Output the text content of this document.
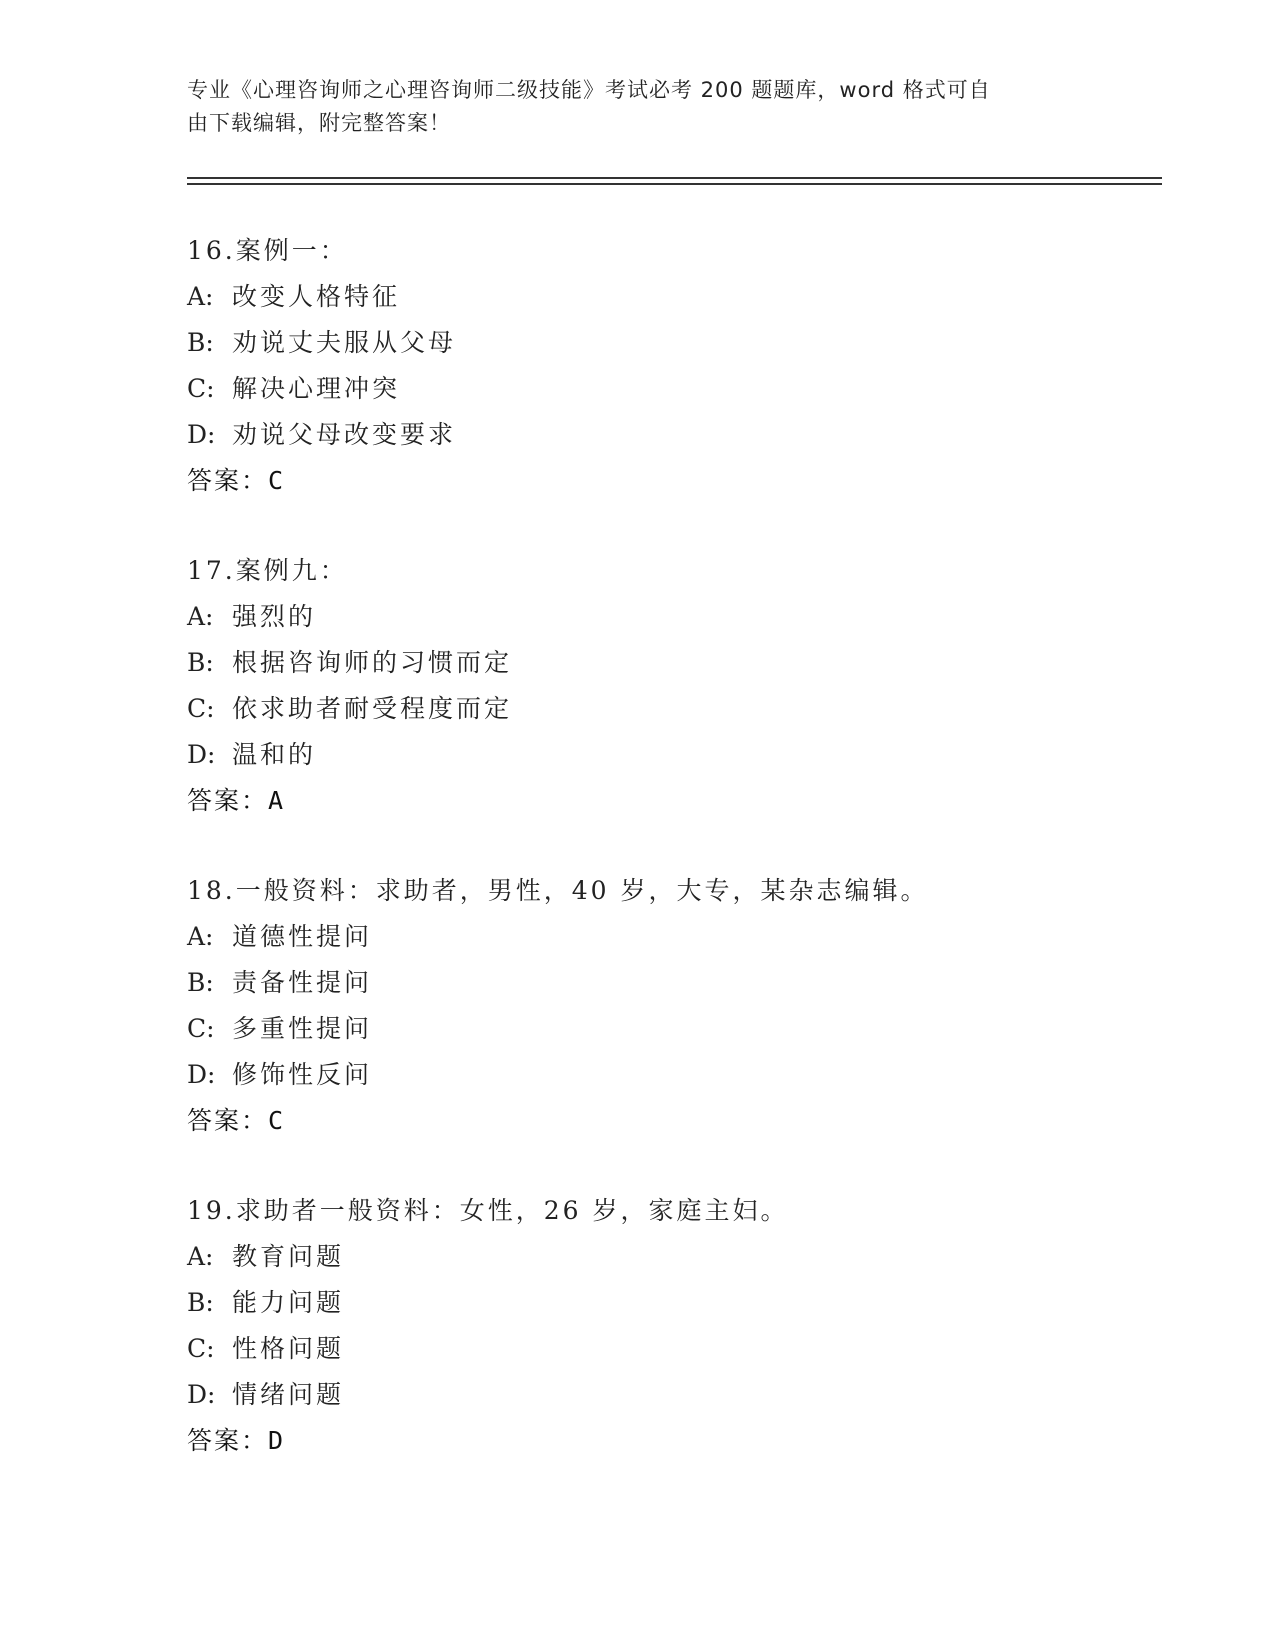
专业《心理咨询师之心理咨询师二级技能》考试必考 200 题题库，word 格式可自
由下载编辑，附完整答案！
16.案例一：
A: 改变人格特征
B: 劝说丈夫服从父母
C: 解决心理冲突
D: 劝说父母改变要求
答案：C
17.案例九：
A: 强烈的
B: 根据咨询师的习惯而定
C: 依求助者耐受程度而定
D: 温和的
答案：A
18.一般资料：求助者，男性，40 岁，大专，某杂志编辑。
A: 道德性提问
B: 责备性提问
C: 多重性提问
D: 修饰性反问
答案：C
19.求助者一般资料：女性，26 岁，家庭主妇。
A: 教育问题
B: 能力问题
C: 性格问题
D: 情绪问题
答案：D
